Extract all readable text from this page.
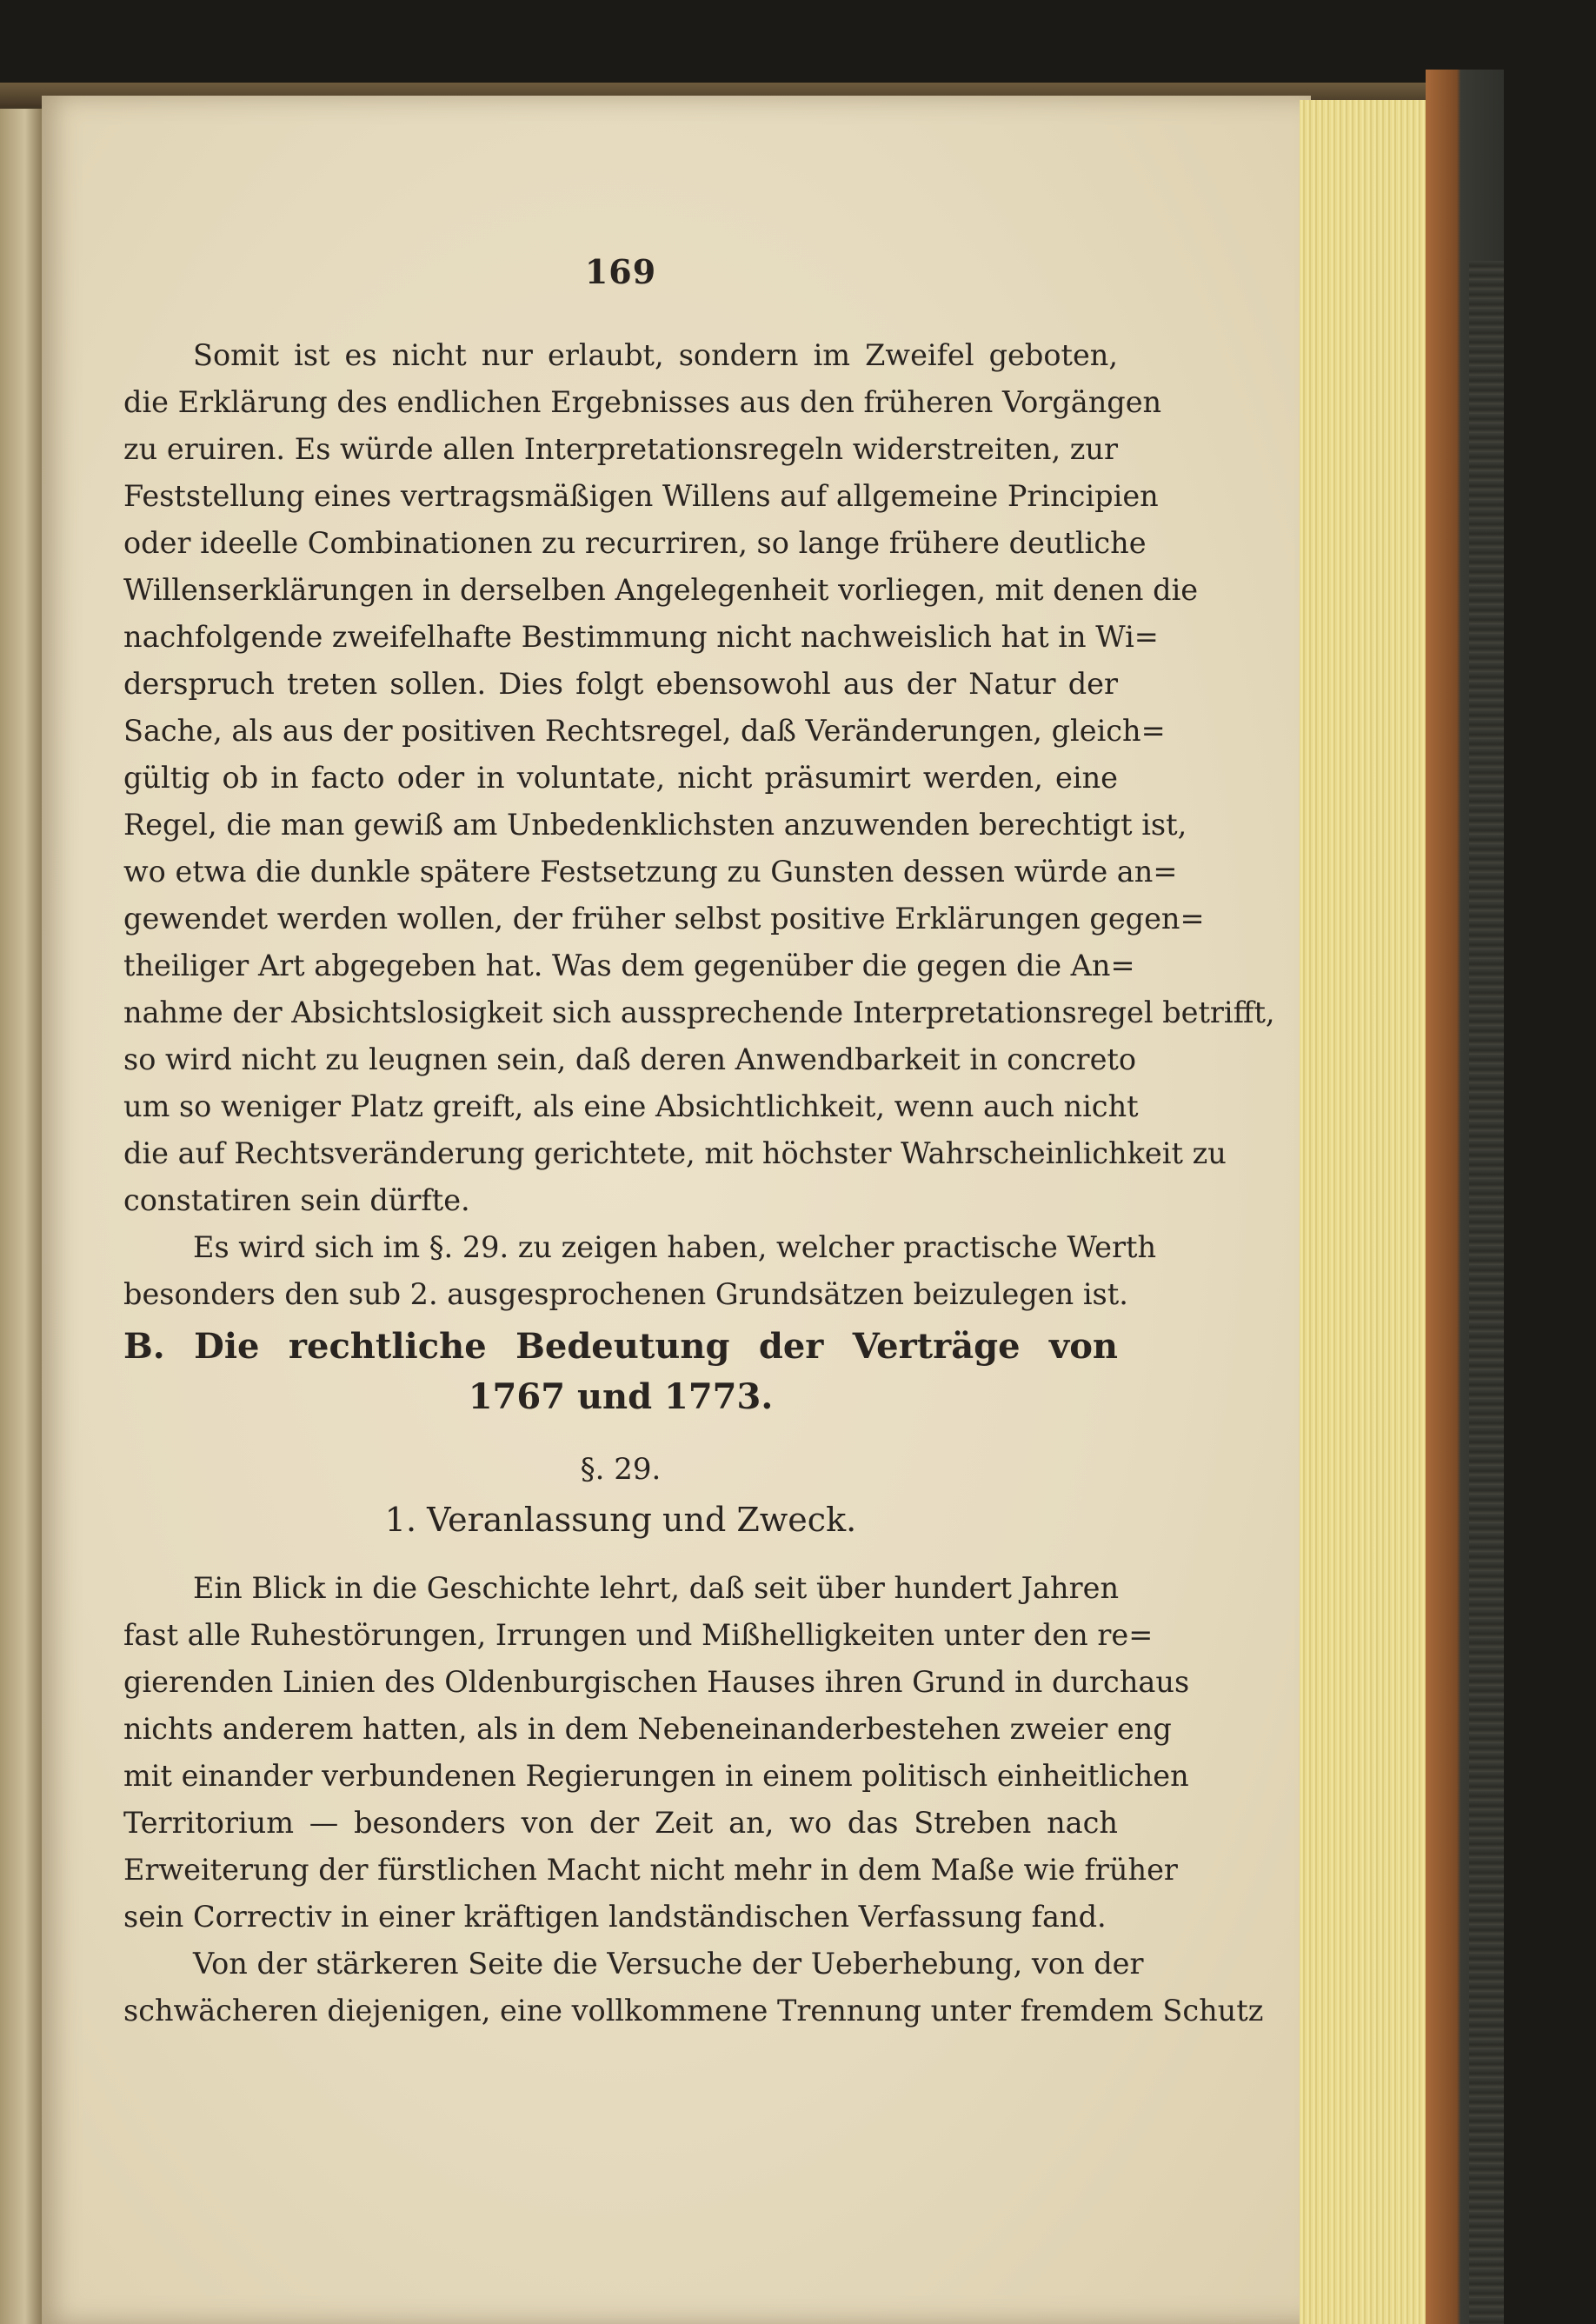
169
Somit ist es nicht nur erlaubt, sondern im Zweifel geboten,
die Erklärung des endlichen Ergebnisses aus den früheren Vorgängen
zu eruiren. Es würde allen Interpretationsregeln widerstreiten, zur
Feststellung eines vertragsmäßigen Willens auf allgemeine Principien
oder ideelle Combinationen zu recurriren, so lange frühere deutliche
Willenserklärungen in derselben Angelegenheit vorliegen, mit denen die
nachfolgende zweifelhafte Bestimmung nicht nachweislich hat in Wi=
derspruch treten sollen. Dies folgt ebensowohl aus der Natur der
Sache, als aus der positiven Rechtsregel, daß Veränderungen, gleich=
gültig ob in facto oder in voluntate, nicht präsumirt werden, eine
Regel, die man gewiß am Unbedenklichsten anzuwenden berechtigt ist,
wo etwa die dunkle spätere Festsetzung zu Gunsten dessen würde an=
gewendet werden wollen, der früher selbst positive Erklärungen gegen=
theiliger Art abgegeben hat. Was dem gegenüber die gegen die An=
nahme der Absichtslosigkeit sich aussprechende Interpretationsregel betrifft,
so wird nicht zu leugnen sein, daß deren Anwendbarkeit in concreto
um so weniger Platz greift, als eine Absichtlichkeit, wenn auch nicht
die auf Rechtsveränderung gerichtete, mit höchster Wahrscheinlichkeit zu
constatiren sein dürfte.
Es wird sich im §. 29. zu zeigen haben, welcher practische Werth
besonders den sub 2. ausgesprochenen Grundsätzen beizulegen ist.
B. Die rechtliche Bedeutung der Verträge von
1767 und 1773.
§. 29.
1. Veranlassung und Zweck.
Ein Blick in die Geschichte lehrt, daß seit über hundert Jahren
fast alle Ruhestörungen, Irrungen und Mißhelligkeiten unter den re=
gierenden Linien des Oldenburgischen Hauses ihren Grund in durchaus
nichts anderem hatten, als in dem Nebeneinanderbestehen zweier eng
mit einander verbundenen Regierungen in einem politisch einheitlichen
Territorium — besonders von der Zeit an, wo das Streben nach
Erweiterung der fürstlichen Macht nicht mehr in dem Maße wie früher
sein Correctiv in einer kräftigen landständischen Verfassung fand.
Von der stärkeren Seite die Versuche der Ueberhebung, von der
schwächeren diejenigen, eine vollkommene Trennung unter fremdem Schutz
